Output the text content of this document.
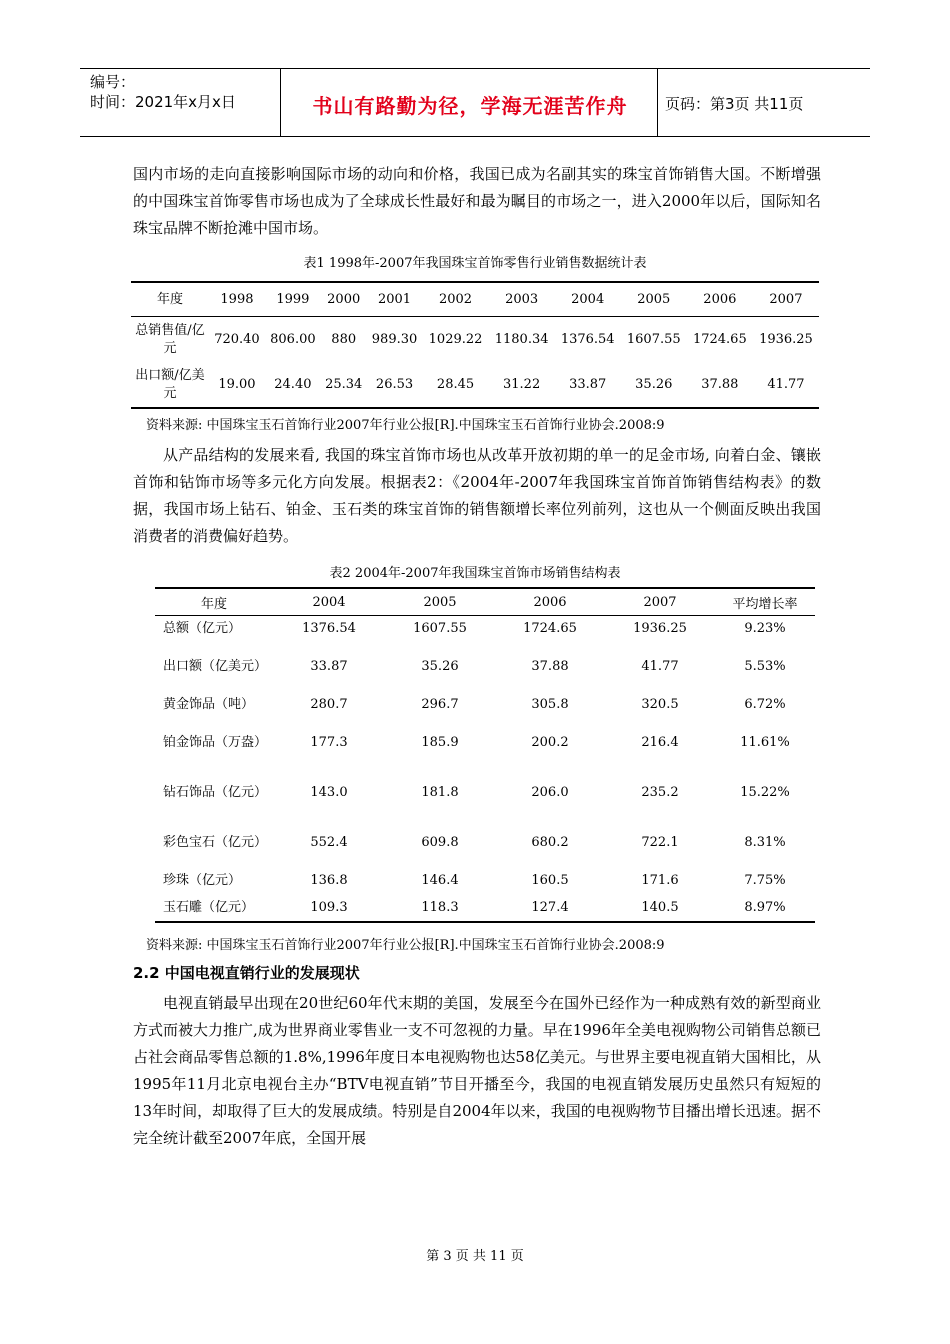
编号：
时间：2021年x月x日	书山有路勤为径，学海无涯苦作舟	页码：第3页 共11页

国内市场的走向直接影响国际市场的动向和价格，我国已成为名副其实的珠宝首饰销售大国。不断增强的中国珠宝首饰零售市场也成为了全球成长性最好和最为瞩目的市场之一，进入2000年以后，国际知名珠宝品牌不断抢滩中国市场。

表1 1998年-2007年我国珠宝首饰零售行业销售数据统计表
年度	1998	1999	2000	2001	2002	2003	2004	2005	2006	2007
总销售值/亿元	720.40	806.00	880	989.30	1029.22	1180.34	1376.54	1607.55	1724.65	1936.25
出口额/亿美元	19.00	24.40	25.34	26.53	28.45	31.22	33.87	35.26	37.88	41.77
资料来源: 中国珠宝玉石首饰行业2007年行业公报[R].中国珠宝玉石首饰行业协会.2008:9

从产品结构的发展来看, 我国的珠宝首饰市场也从改革开放初期的单一的足金市场, 向着白金、镶嵌首饰和钻饰市场等多元化方向发展。根据表2：《2004年-2007年我国珠宝首饰首饰销售结构表》的数据，我国市场上钻石、铂金、玉石类的珠宝首饰的销售额增长率位列前列，这也从一个侧面反映出我国消费者的消费偏好趋势。

表2 2004年-2007年我国珠宝首饰市场销售结构表
年度	2004	2005	2006	2007	平均增长率
总额（亿元）	1376.54	1607.55	1724.65	1936.25	9.23%
出口额（亿美元）	33.87	35.26	37.88	41.77	5.53%
黄金饰品（吨）	280.7	296.7	305.8	320.5	6.72%
铂金饰品（万盎）	177.3	185.9	200.2	216.4	11.61%
钻石饰品（亿元）	143.0	181.8	206.0	235.2	15.22%
彩色宝石（亿元）	552.4	609.8	680.2	722.1	8.31%
珍珠（亿元）	136.8	146.4	160.5	171.6	7.75%
玉石雕（亿元）	109.3	118.3	127.4	140.5	8.97%
资料来源: 中国珠宝玉石首饰行业2007年行业公报[R].中国珠宝玉石首饰行业协会.2008:9
2.2 中国电视直销行业的发展现状

电视直销最早出现在20世纪60年代末期的美国，发展至今在国外已经作为一种成熟有效的新型商业方式而被大力推广,成为世界商业零售业一支不可忽视的力量。早在1996年全美电视购物公司销售总额已占社会商品零售总额的1.8%,1996年度日本电视购物也达58亿美元。与世界主要电视直销大国相比，从1995年11月北京电视台主办“BTV电视直销”节目开播至今，我国的电视直销发展历史虽然只有短短的13年时间，却取得了巨大的发展成绩。特别是自2004年以来，我国的电视购物节目播出增长迅速。据不完全统计截至2007年底，全国开展

第 3 页 共 11 页
